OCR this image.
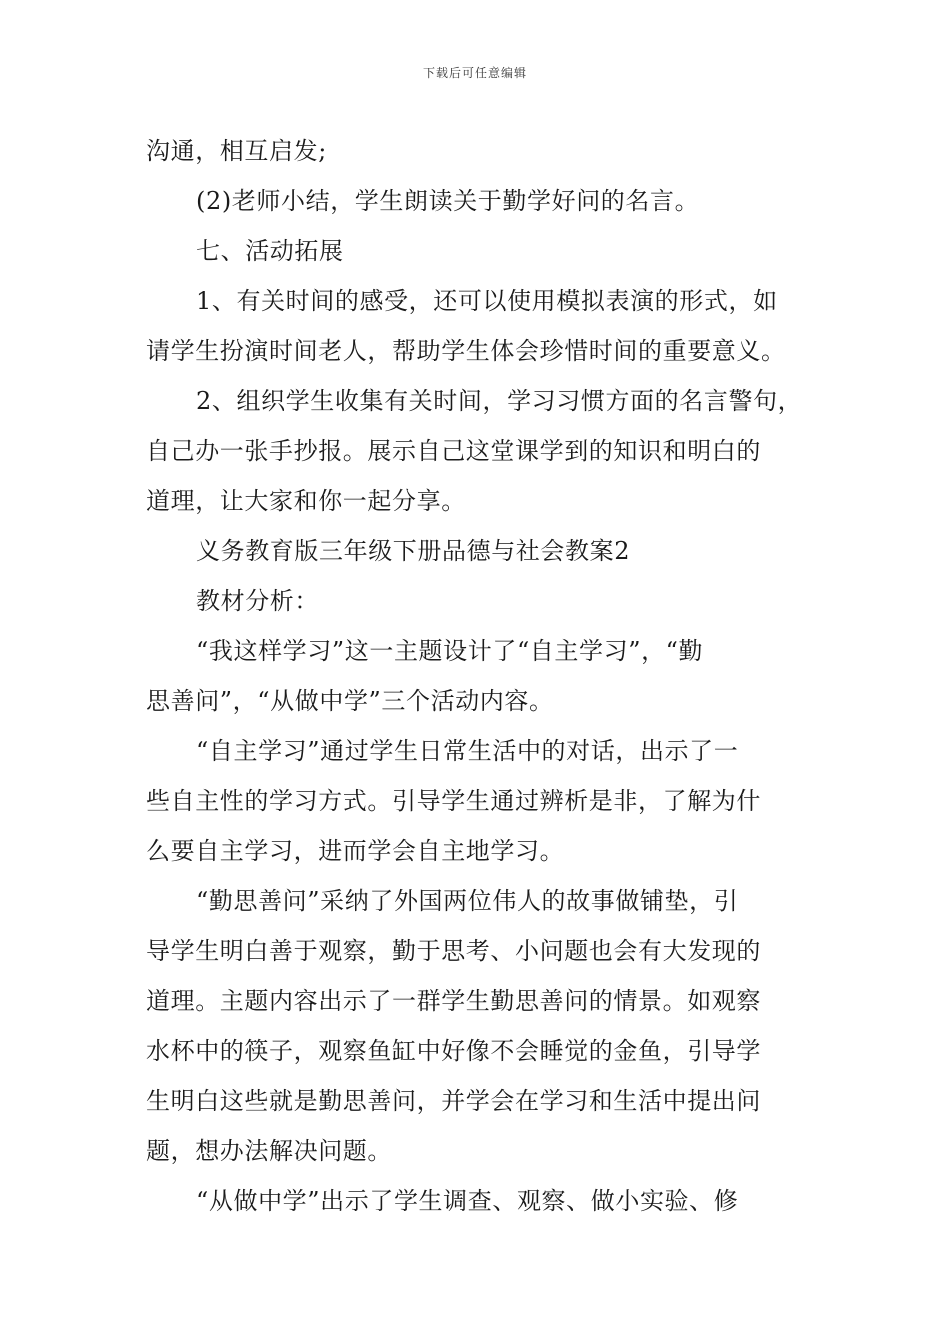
下载后可任意编辑
沟通，相互启发;
(2)老师小结，学生朗读关于勤学好问的名言。
七、活动拓展
1、有关时间的感受，还可以使用模拟表演的形式，如
请学生扮演时间老人，帮助学生体会珍惜时间的重要意义。
2、组织学生收集有关时间，学习习惯方面的名言警句，
自己办一张手抄报。展示自己这堂课学到的知识和明白的
道理，让大家和你一起分享。
义务教育版三年级下册品德与社会教案2
教材分析：
“我这样学习”这一主题设计了“自主学习”，“勤
思善问”，“从做中学”三个活动内容。
“自主学习”通过学生日常生活中的对话，出示了一
些自主性的学习方式。引导学生通过辨析是非，了解为什
么要自主学习，进而学会自主地学习。
“勤思善问”采纳了外国两位伟人的故事做铺垫，引
导学生明白善于观察，勤于思考、小问题也会有大发现的
道理。主题内容出示了一群学生勤思善问的情景。如观察
水杯中的筷子，观察鱼缸中好像不会睡觉的金鱼，引导学
生明白这些就是勤思善问，并学会在学习和生活中提出问
题，想办法解决问题。
“从做中学”出示了学生调查、观察、做小实验、修
